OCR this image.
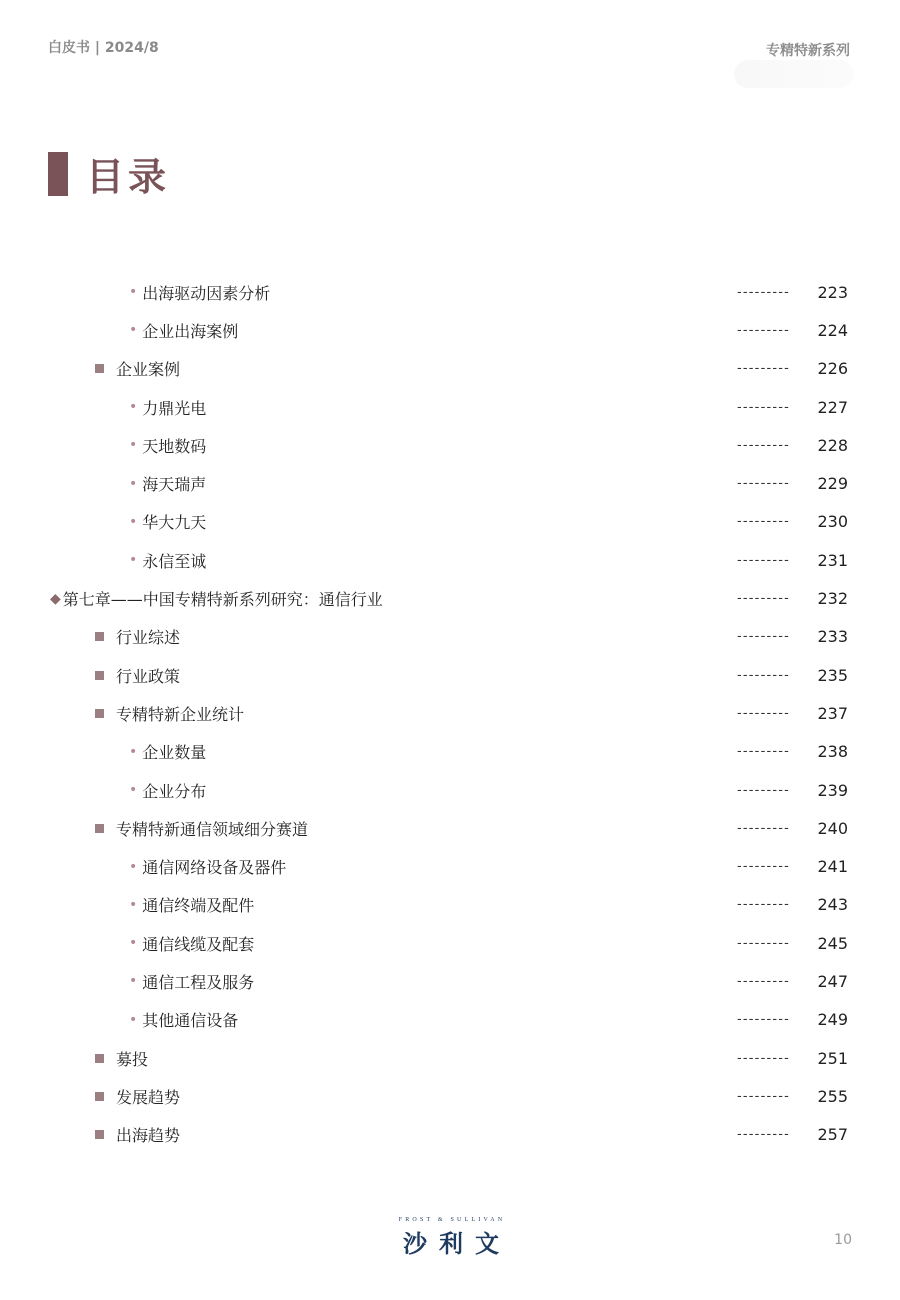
白皮书 | 2024/8	专精特新系列
目录
• 出海驱动因素分析	--------- 223
• 企业出海案例	--------- 224
企业案例	--------- 226
• 力鼎光电	--------- 227
• 天地数码	--------- 228
• 海天瑞声	--------- 229
• 华大九天	--------- 230
• 永信至诚	--------- 231
◆ 第七章——中国专精特新系列研究：通信行业	--------- 232
行业综述	--------- 233
行业政策	--------- 235
专精特新企业统计	--------- 237
• 企业数量	--------- 238
• 企业分布	--------- 239
专精特新通信领域细分赛道	--------- 240
• 通信网络设备及器件	--------- 241
• 通信终端及配件	--------- 243
• 通信线缆及配套	--------- 245
• 通信工程及服务	--------- 247
• 其他通信设备	--------- 249
募投	--------- 251
发展趋势	--------- 255
出海趋势	--------- 257
FROST & SULLIVAN
沙利文	10
